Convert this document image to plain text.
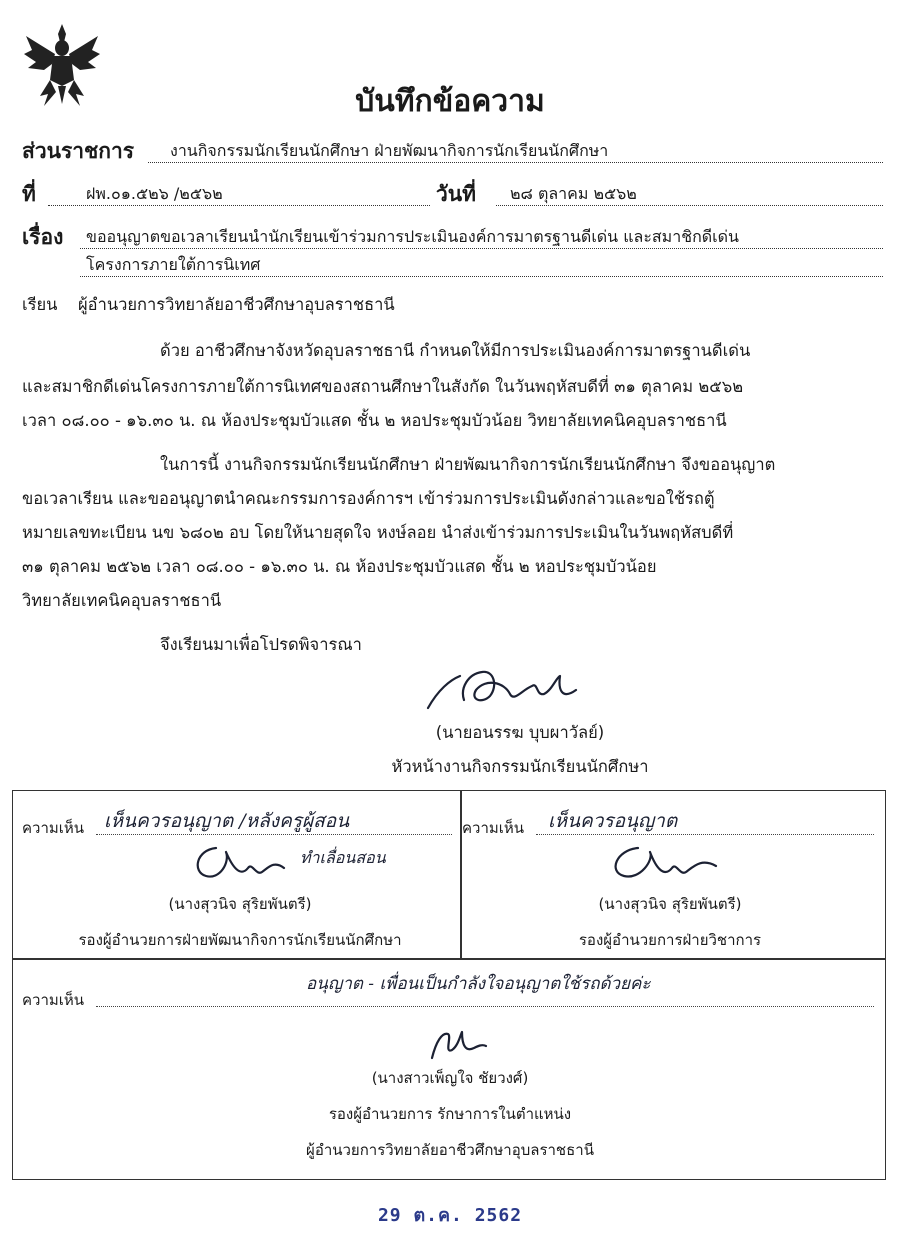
บันทึกข้อความ
ส่วนราชการ	งานกิจกรรมนักเรียนนักศึกษา ฝ่ายพัฒนากิจการนักเรียนนักศึกษา
ที่	ฝพ.๐๑.๕๒๖ /๒๕๖๒	วันที่	๒๘ ตุลาคม ๒๕๖๒
เรื่อง	ขออนุญาตขอเวลาเรียนนำนักเรียนเข้าร่วมการประเมินองค์การมาตรฐานดีเด่น และสมาชิกดีเด่น
โครงการภายใต้การนิเทศ
เรียน ผู้อำนวยการวิทยาลัยอาชีวศึกษาอุบลราชธานี
ด้วย อาชีวศึกษาจังหวัดอุบลราชธานี กำหนดให้มีการประเมินองค์การมาตรฐานดีเด่น
และสมาชิกดีเด่นโครงการภายใต้การนิเทศของสถานศึกษาในสังกัด ในวันพฤหัสบดีที่ ๓๑ ตุลาคม ๒๕๖๒
เวลา ๐๘.๐๐ - ๑๖.๓๐ น. ณ ห้องประชุมบัวแสด ชั้น ๒ หอประชุมบัวน้อย วิทยาลัยเทคนิคอุบลราชธานี
ในการนี้ งานกิจกรรมนักเรียนนักศึกษา ฝ่ายพัฒนากิจการนักเรียนนักศึกษา จึงขออนุญาต
ขอเวลาเรียน และขออนุญาตนำคณะกรรมการองค์การฯ เข้าร่วมการประเมินดังกล่าวและขอใช้รถตู้
หมายเลขทะเบียน นข ๖๘๐๒ อบ โดยให้นายสุดใจ หงษ์ลอย นำส่งเข้าร่วมการประเมินในวันพฤหัสบดีที่
๓๑ ตุลาคม ๒๕๖๒ เวลา ๐๘.๐๐ - ๑๖.๓๐ น. ณ ห้องประชุมบัวแสด ชั้น ๒ หอประชุมบัวน้อย
วิทยาลัยเทคนิคอุบลราชธานี
จึงเรียนมาเพื่อโปรดพิจารณา
(นายอนรรฆ บุบผาวัลย์)
หัวหน้างานกิจกรรมนักเรียนนักศึกษา
ความเห็น เห็นควรอนุญาต /หลังครูผู้สอน
ทำเลื่อนสอน
(นางสุวนิจ สุริยพันตรี)
รองผู้อำนวยการฝ่ายพัฒนากิจการนักเรียนนักศึกษา
ความเห็น เห็นควรอนุญาต
(นางสุวนิจ สุริยพันตรี)
รองผู้อำนวยการฝ่ายวิชาการ
ความเห็น
อนุญาต - เพื่อนเป็นกำลังใจอนุญาตใช้รถด้วยค่ะ
(นางสาวเพ็ญใจ ชัยวงศ์)
รองผู้อำนวยการ รักษาการในตำแหน่ง
ผู้อำนวยการวิทยาลัยอาชีวศึกษาอุบลราชธานี
29 ต.ค. 2562
